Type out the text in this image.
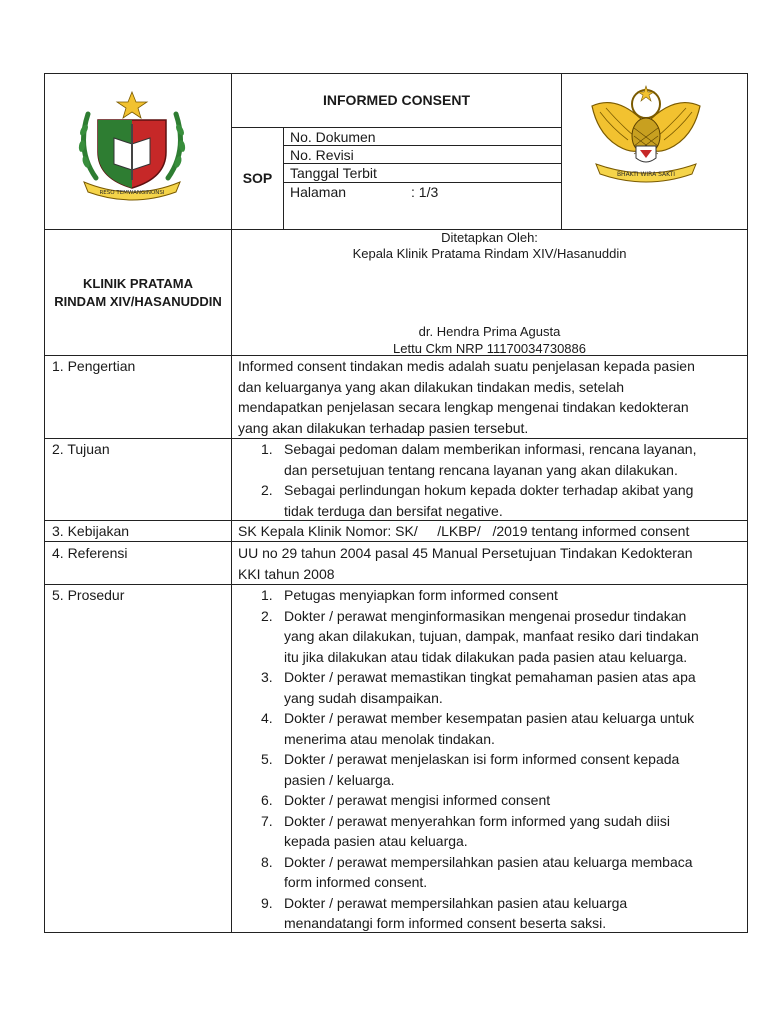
RESO TEMWANGINONSI
BHAKTI WIRA SAKTI
INFORMED CONSENT
SOP
No. Dokumen
No. Revisi
Tanggal Terbit
Halaman	: 1/3
KLINIK PRATAMA
RINDAM XIV/HASANUDDIN
Ditetapkan Oleh:
Kepala Klinik Pratama Rindam XIV/Hasanuddin
dr. Hendra Prima Agusta
Lettu Ckm NRP 11170034730886
1. Pengertian	Informed consent tindakan medis adalah suatu penjelasan kepada pasien
dan keluarganya yang akan dilakukan tindakan medis, setelah
mendapatkan penjelasan secara lengkap mengenai tindakan kedokteran
yang akan dilakukan terhadap pasien tersebut.
2. Tujuan	1. Sebagai pedoman dalam memberikan informasi, rencana layanan,
dan persetujuan tentang rencana layanan yang akan dilakukan.
2. Sebagai perlindungan hokum kepada dokter terhadap akibat yang
tidak terduga dan bersifat negative.
3. Kebijakan	SK Kepala Klinik Nomor: SK/     /LKBP/   /2019 tentang informed consent
4. Referensi	UU no 29 tahun 2004 pasal 45 Manual Persetujuan Tindakan Kedokteran
KKI tahun 2008
5. Prosedur	1. Petugas menyiapkan form informed consent
2. Dokter / perawat menginformasikan mengenai prosedur tindakan
yang akan dilakukan, tujuan, dampak, manfaat resiko dari tindakan
itu jika dilakukan atau tidak dilakukan pada pasien atau keluarga.
3. Dokter / perawat memastikan tingkat pemahaman pasien atas apa
yang sudah disampaikan.
4. Dokter / perawat member kesempatan pasien atau keluarga untuk
menerima atau menolak tindakan.
5. Dokter / perawat menjelaskan isi form informed consent kepada
pasien / keluarga.
6. Dokter / perawat mengisi informed consent
7. Dokter / perawat menyerahkan form informed yang sudah diisi
kepada pasien atau keluarga.
8. Dokter / perawat mempersilahkan pasien atau keluarga membaca
form informed consent.
9. Dokter / perawat mempersilahkan pasien atau keluarga
menandatangi form informed consent beserta saksi.
